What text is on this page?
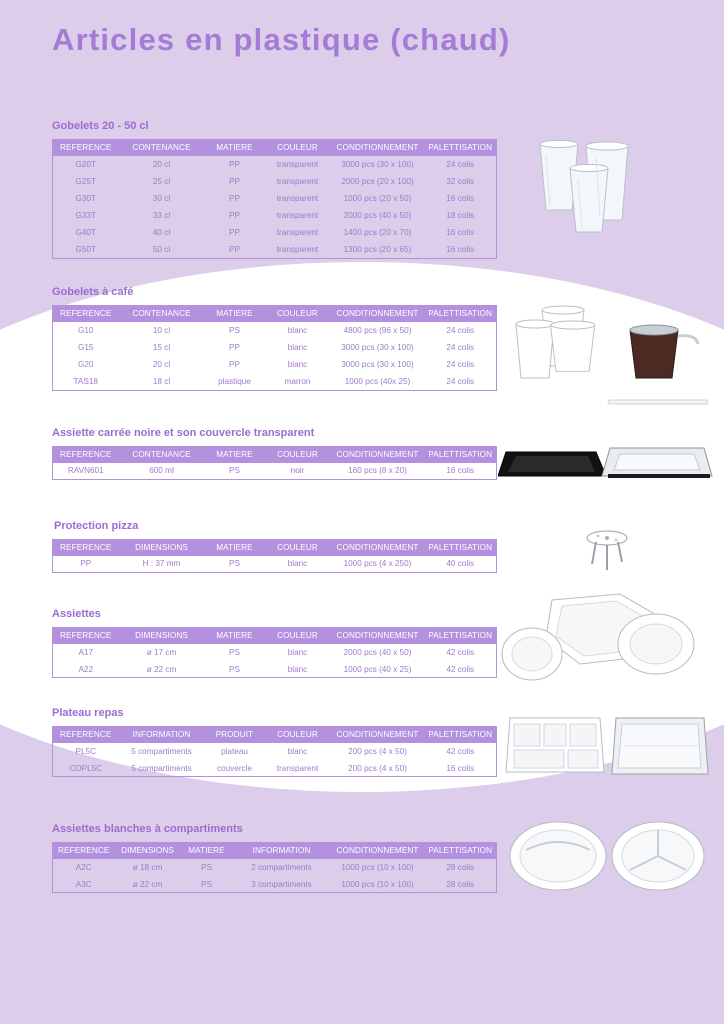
Articles en plastique (chaud)
Gobelets 20 - 50 cl
REFERENCE	CONTENANCE	MATIERE	COULEUR	CONDITIONNEMENT	PALETTISATION
G20T	20 cl	PP	transparent	3000 pcs (30 x 100)	24 colis
G25T	25 cl	PP	transparent	2000 pcs (20 x 100)	32 colis
G30T	30 cl	PP	transparent	1000 pcs (20 x 50)	16 colis
G33T	33 cl	PP	transparent	2000 pcs (40 x 50)	18 colis
G40T	40 cl	PP	transparent	1400 pcs (20 x 70)	16 colis
G50T	50 cl	PP	transparent	1300 pcs (20 x 65)	16 colis
Gobelets à café
REFERENCE	CONTENANCE	MATIERE	COULEUR	CONDITIONNEMENT	PALETTISATION
G10	10 cl	PS	blanc	4800 pcs (96 x 50)	24 colis
G15	15 cl	PP	blanc	3000 pcs (30 x 100)	24 colis
G20	20 cl	PP	blanc	3000 pcs (30 x 100)	24 colis
TAS18	18 cl	plastique	marron	1000 pcs (40x 25)	24 colis
Assiette carrée noire et son couvercle transparent
REFERENCE	CONTENANCE	MATIERE	COULEUR	CONDITIONNEMENT	PALETTISATION
RAVN601	600 ml	PS	noir	160 pcs (8 x 20)	16 colis
Protection pizza
REFERENCE	DIMENSIONS	MATIERE	COULEUR	CONDITIONNEMENT	PALETTISATION
PP	H : 37 mm	PS	blanc	1000 pcs (4 x 250)	40 colis
Assiettes
REFERENCE	DIMENSIONS	MATIERE	COULEUR	CONDITIONNEMENT	PALETTISATION
A17	ø 17 cm	PS	blanc	2000 pcs (40 x 50)	42 colis
A22	ø 22 cm	PS	blanc	1000 pcs (40 x 25)	42 colis
Plateau repas
REFERENCE	INFORMATION	PRODUIT	COULEUR	CONDITIONNEMENT	PALETTISATION
PL5C	5 compartiments	plateau	blanc	200 pcs (4 x 50)	42 colis
COPL5C	5 compartiments	couvercle	transparent	200 pcs (4 x 50)	16 colis
Assiettes blanches à compartiments
REFERENCE	DIMENSIONS	MATIERE	INFORMATION	CONDITIONNEMENT	PALETTISATION
A2C	ø 18 cm	PS	2 compartiments	1000 pcs (10 x 100)	28 colis
A3C	ø 22 cm	PS	3 compartiments	1000 pcs (10 x 100)	28 colis
